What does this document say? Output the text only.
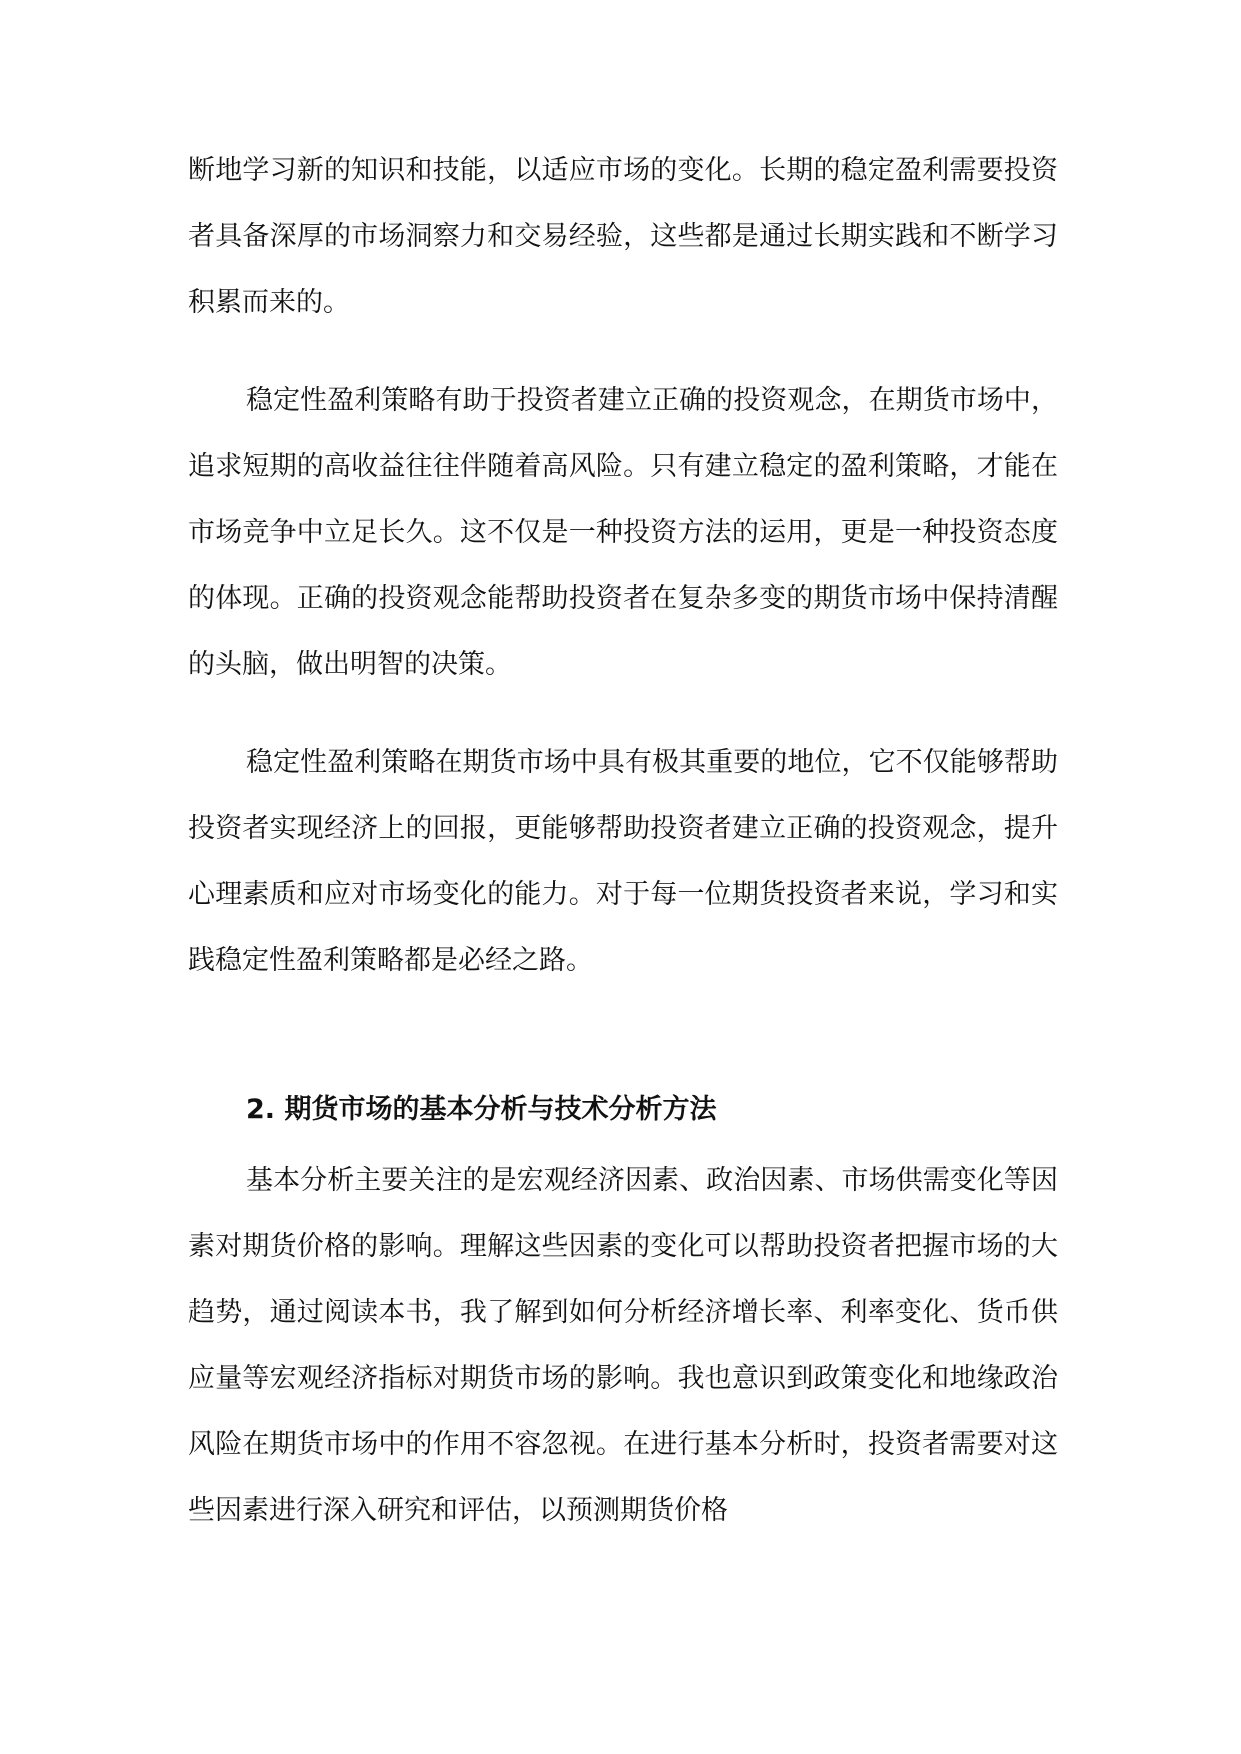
断地学习新的知识和技能，以适应市场的变化。长期的稳定盈利需要投资者具备深厚的市场洞察力和交易经验，这些都是通过长期实践和不断学习积累而来的。

稳定性盈利策略有助于投资者建立正确的投资观念，在期货市场中，追求短期的高收益往往伴随着高风险。只有建立稳定的盈利策略，才能在市场竞争中立足长久。这不仅是一种投资方法的运用，更是一种投资态度的体现。正确的投资观念能帮助投资者在复杂多变的期货市场中保持清醒的头脑，做出明智的决策。

稳定性盈利策略在期货市场中具有极其重要的地位，它不仅能够帮助投资者实现经济上的回报，更能够帮助投资者建立正确的投资观念，提升心理素质和应对市场变化的能力。对于每一位期货投资者来说，学习和实践稳定性盈利策略都是必经之路。

2. 期货市场的基本分析与技术分析方法

基本分析主要关注的是宏观经济因素、政治因素、市场供需变化等因素对期货价格的影响。理解这些因素的变化可以帮助投资者把握市场的大趋势，通过阅读本书，我了解到如何分析经济增长率、利率变化、货币供应量等宏观经济指标对期货市场的影响。我也意识到政策变化和地缘政治风险在期货市场中的作用不容忽视。在进行基本分析时，投资者需要对这些因素进行深入研究和评估，以预测期货价格
